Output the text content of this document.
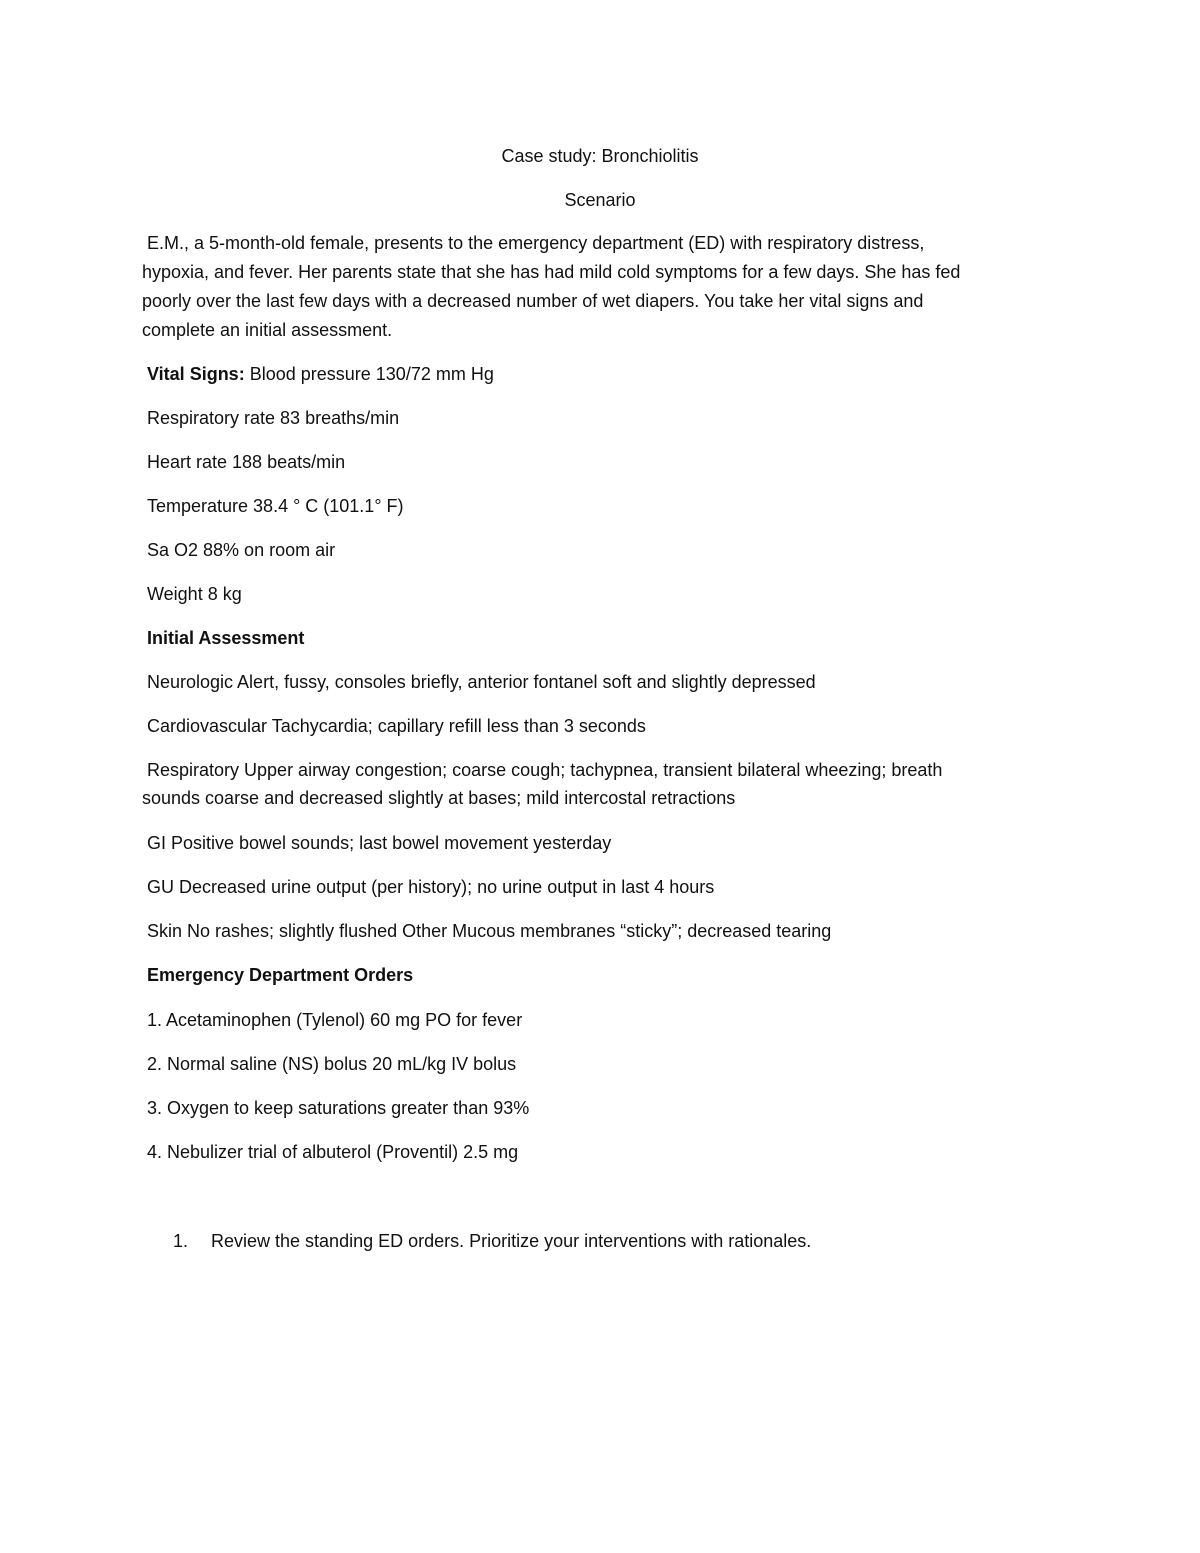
Case study: Bronchiolitis
Scenario
E.M., a 5-month-old female, presents to the emergency department (ED) with respiratory distress,
hypoxia, and fever. Her parents state that she has had mild cold symptoms for a few days. She has fed
poorly over the last few days with a decreased number of wet diapers. You take her vital signs and
complete an initial assessment.
Vital Signs: Blood pressure 130/72 mm Hg
Respiratory rate 83 breaths/min
Heart rate 188 beats/min
Temperature 38.4 ° C (101.1° F)
Sa O2 88% on room air
Weight 8 kg
Initial Assessment
Neurologic Alert, fussy, consoles briefly, anterior fontanel soft and slightly depressed
Cardiovascular Tachycardia; capillary refill less than 3 seconds
Respiratory Upper airway congestion; coarse cough; tachypnea, transient bilateral wheezing; breath
sounds coarse and decreased slightly at bases; mild intercostal retractions
GI Positive bowel sounds; last bowel movement yesterday
GU Decreased urine output (per history); no urine output in last 4 hours
Skin No rashes; slightly flushed Other Mucous membranes “sticky”; decreased tearing
Emergency Department Orders
1. Acetaminophen (Tylenol) 60 mg PO for fever
2. Normal saline (NS) bolus 20 mL/kg IV bolus
3. Oxygen to keep saturations greater than 93%
4. Nebulizer trial of albuterol (Proventil) 2.5 mg
1. Review the standing ED orders. Prioritize your interventions with rationales.
